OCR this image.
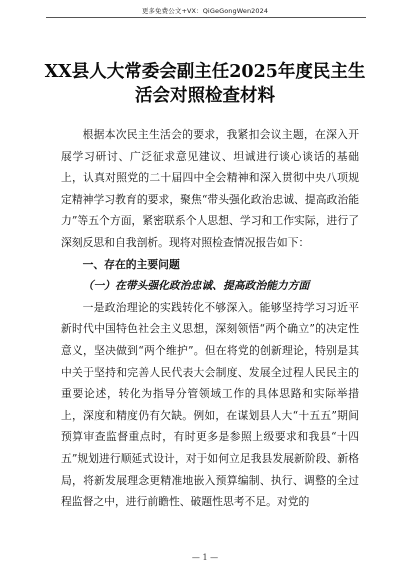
更多免费公文+VX：QiGeGongWen2024
XX县人大常委会副主任2025年度民主生活会对照检查材料

根据本次民主生活会的要求，我紧扣会议主题，在深入开展学习研讨、广泛征求意见建议、坦诚进行谈心谈话的基础上，认真对照党的二十届四中全会精神和深入贯彻中央八项规定精神学习教育的要求，聚焦“带头强化政治忠诚、提高政治能力”等五个方面，紧密联系个人思想、学习和工作实际，进行了深刻反思和自我剖析。现将对照检查情况报告如下：

一、存在的主要问题

（一）在带头强化政治忠诚、提高政治能力方面

一是政治理论的实践转化不够深入。能够坚持学习习近平新时代中国特色社会主义思想，深刻领悟“两个确立”的决定性意义，坚决做到“两个维护”。但在将党的创新理论，特别是其中关于坚持和完善人民代表大会制度、发展全过程人民民主的重要论述，转化为指导分管领域工作的具体思路和实际举措上，深度和精度仍有欠缺。例如，在谋划县人大“十五五”期间预算审查监督重点时，有时更多是参照上级要求和我县“十四五”规划进行顺延式设计，对于如何立足我县发展新阶段、新格局，将新发展理念更精准地嵌入预算编制、执行、调整的全过程监督之中，进行前瞻性、破题性思考不足。对党的

— 1 —
